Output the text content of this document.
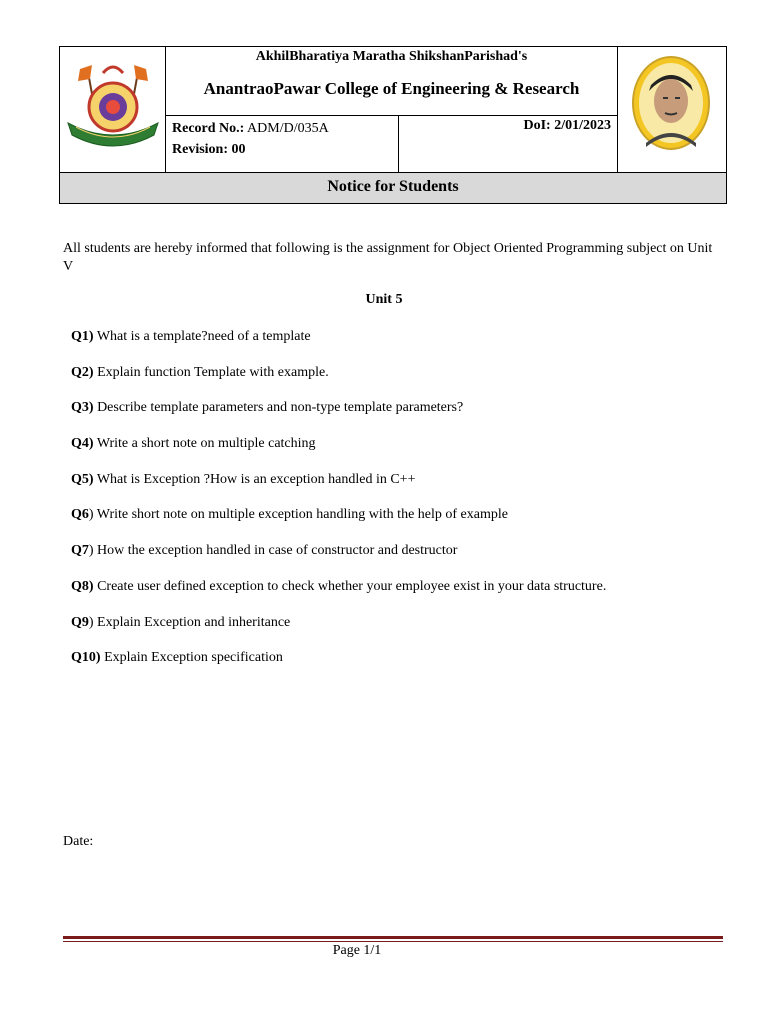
AkhilBharatiya Maratha ShikshanParishad's
AnantraoPawar College of Engineering & Research
Record No.: ADM/D/035A
Revision: 00
DoI: 2/01/2023
Notice for Students
All students are hereby informed that following is the assignment for Object Oriented Programming subject on Unit V
Unit 5
Q1) What is a template?need of a template
Q2) Explain function Template with example.
Q3) Describe template parameters and non-type template parameters?
Q4) Write a short note on multiple catching
Q5) What is Exception ?How is an exception handled in C++
Q6) Write short note on multiple exception handling with the help of example
Q7) How the exception handled in case of constructor and destructor
Q8) Create user defined exception to check whether your employee exist in your data structure.
Q9) Explain Exception and inheritance
Q10) Explain Exception specification
Date:
Page 1/1
